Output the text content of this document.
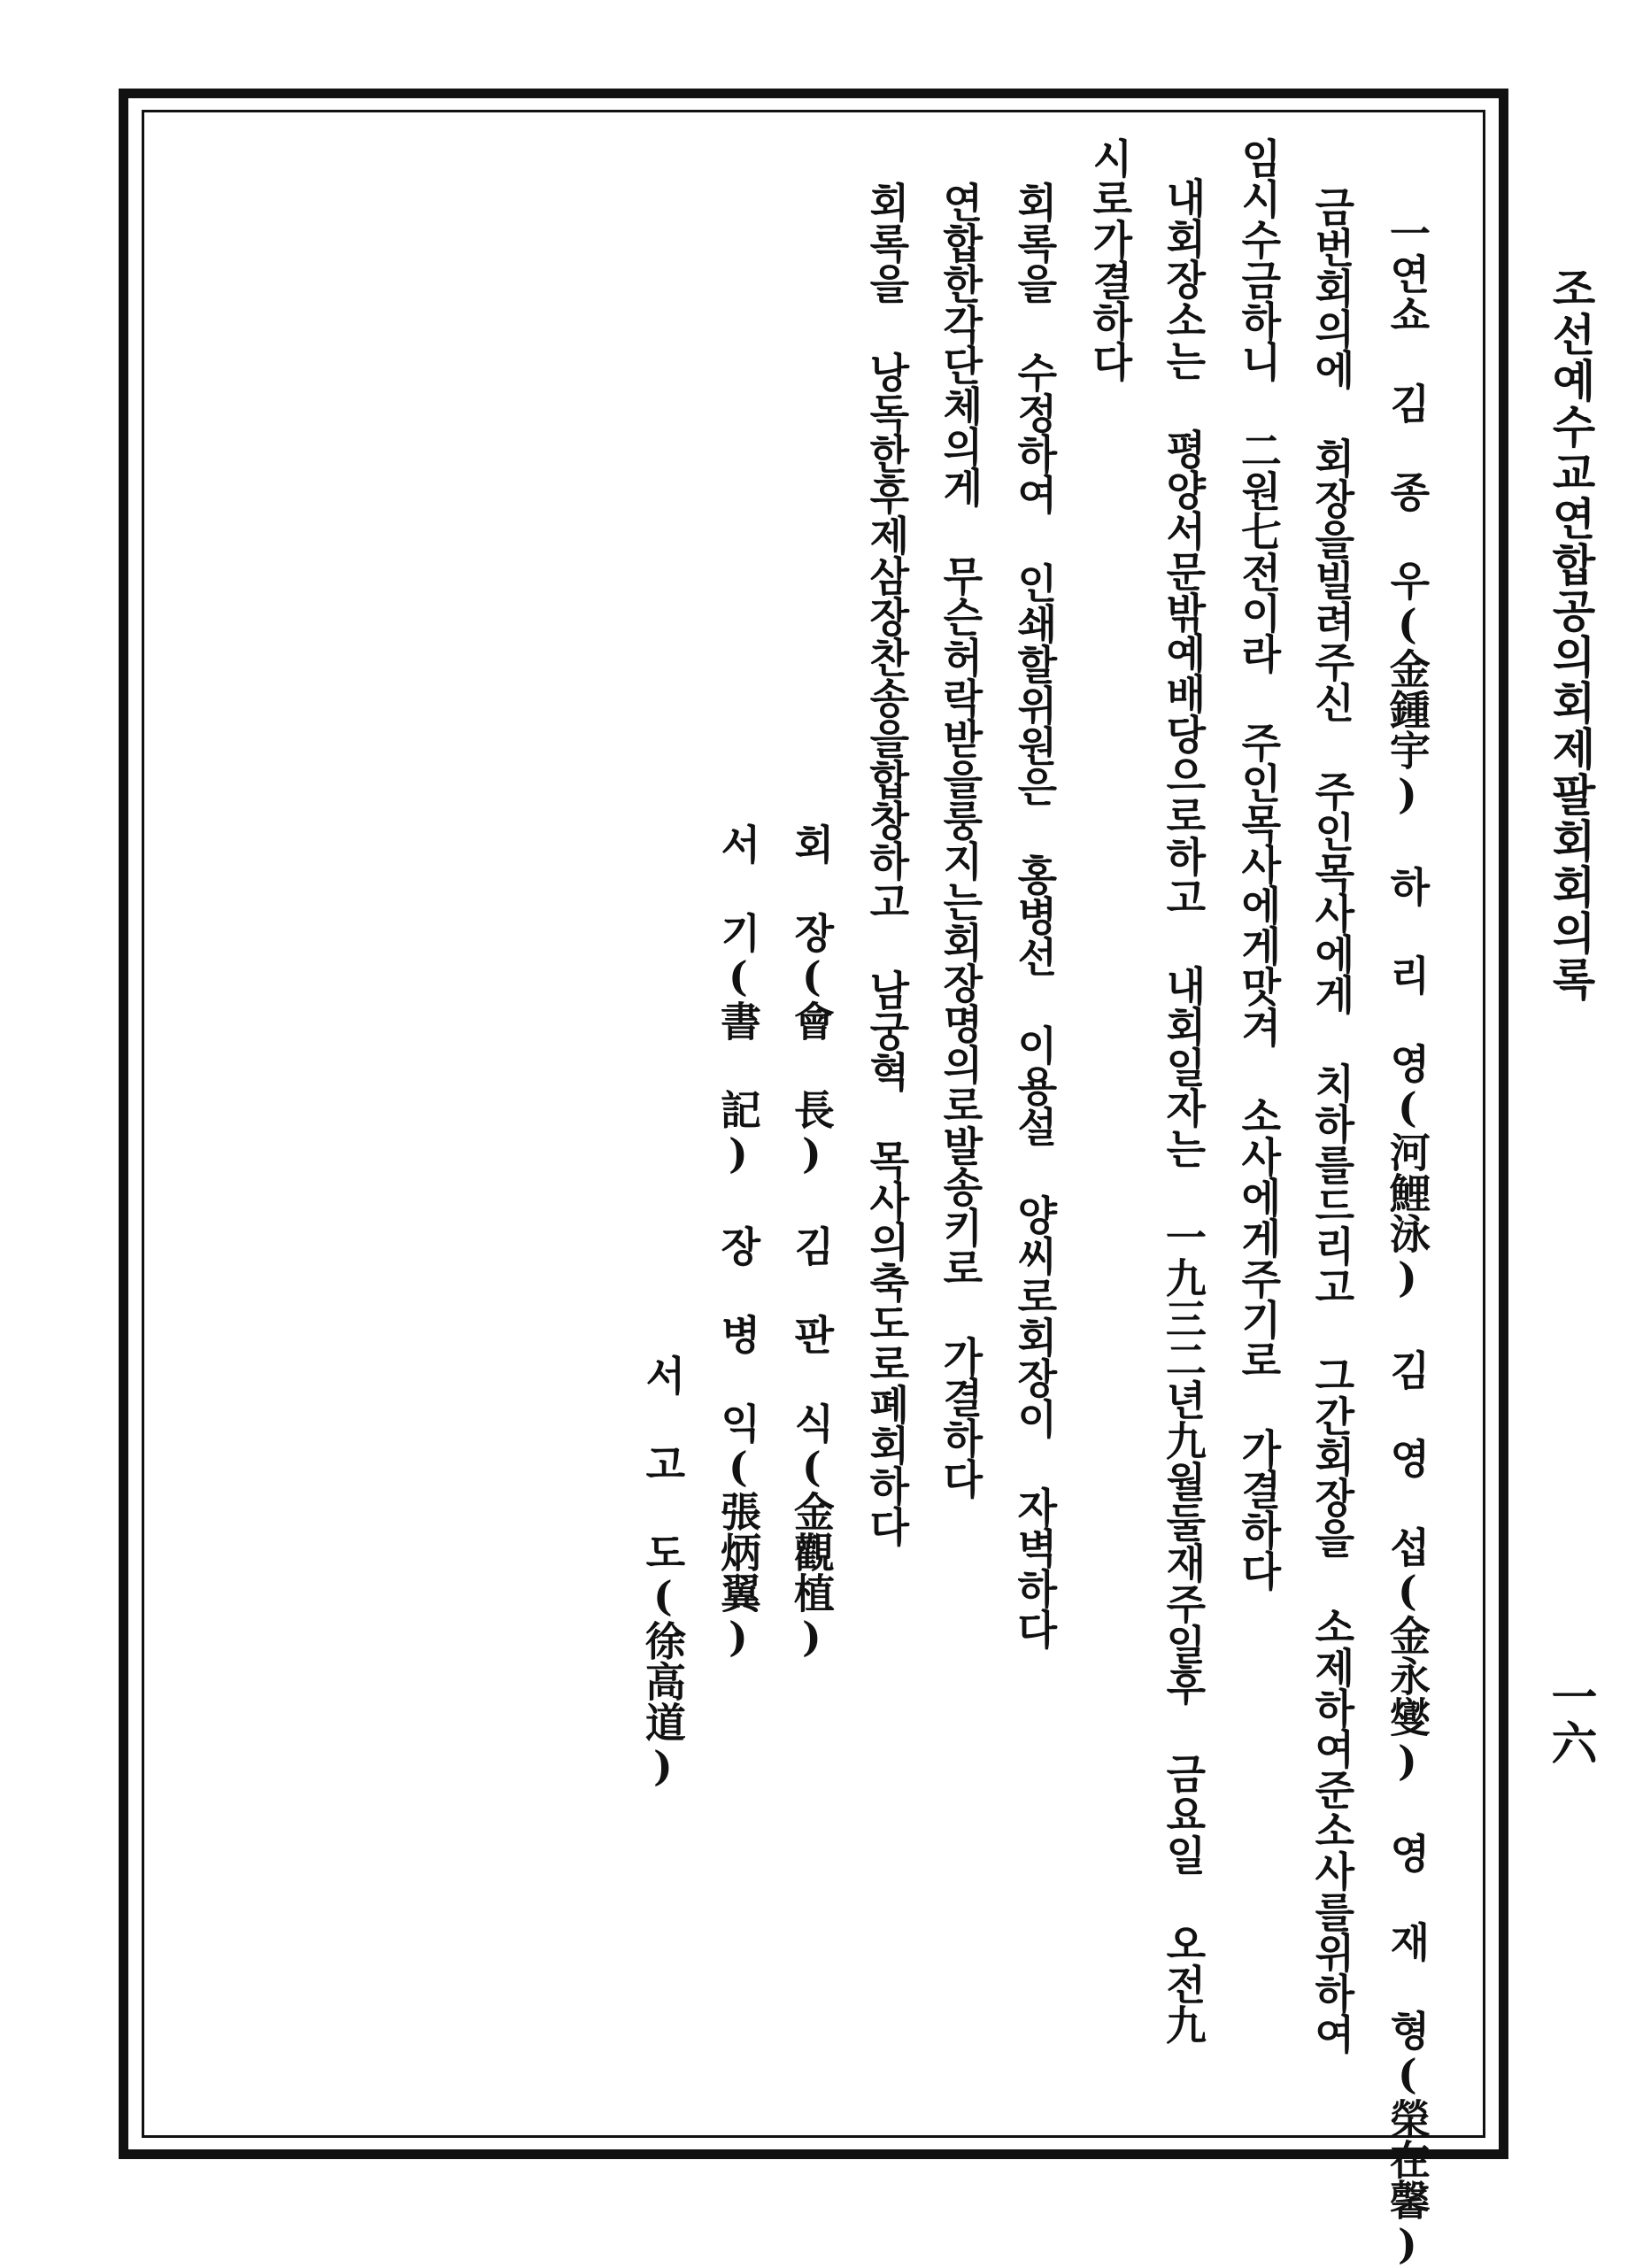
조선예수교연합공의회제팔회회의록
一六
一연쇼 김 종 우(金鍾宇) 하 리 영(河鯉泳) 김 영 섭(金永燮) 영 재 형(榮在馨)
금번회의에 회장을빌려주신 주인목사에게 치하를드리고 그간회장을 소제하여준소사를위하여
임시수금하니 二원七전이라 주인목사에게맛겨 소사에게주기로 가결하다
내회장소는 평양서문밖예배당으로하고 내회일자는 一九三二년九월둘재주일후 금요일 오전九
시로가결하다
회록을 수정하여 인쇄할위원은 홍병선 이용설 양씨로회장이 자벽하다
연합한각단체의게 무슨허락받을룽지는회장명의로발송키로 가결하다
회록을 낭독한후제삼장찬송을합창하고 남궁혁 목사의축도로폐회하다
회 장(會 長) 김 판 식(金觀植)
서 기(書 記) 장 병 익(張炳翼)
서 고 도(徐高道)
